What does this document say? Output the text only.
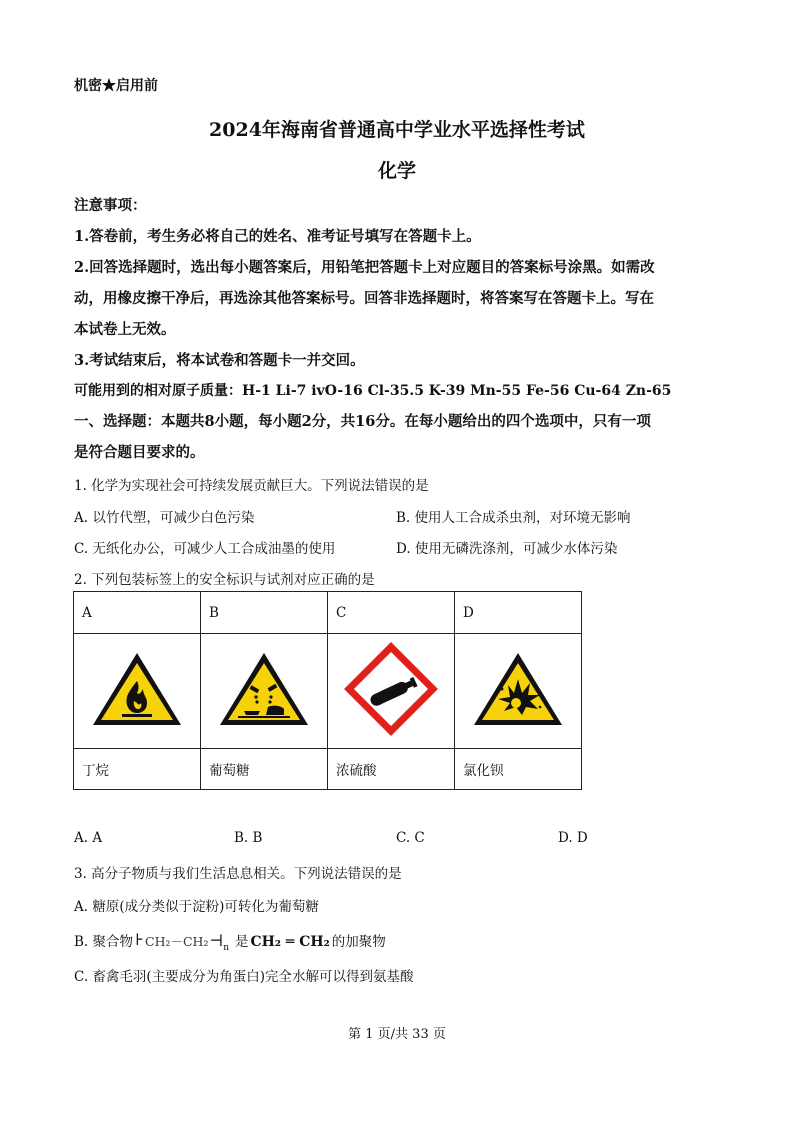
机密★启用前
2024年海南省普通高中学业水平选择性考试
化学
注意事项：
1.答卷前，考生务必将自己的姓名、准考证号填写在答题卡上。
2.回答选择题时，选出每小题答案后，用铅笔把答题卡上对应题目的答案标号涂黑。如需改
动，用橡皮擦干净后，再选涂其他答案标号。回答非选择题时，将答案写在答题卡上。写在
本试卷上无效。
3.考试结束后，将本试卷和答题卡一并交回。
可能用到的相对原子质量：H-1 Li-7 ivO-16 Cl-35.5 K-39 Mn-55 Fe-56 Cu-64 Zn-65
一、选择题：本题共8小题，每小题2分，共16分。在每小题给出的四个选项中，只有一项
是符合题目要求的。
1. 化学为实现社会可持续发展贡献巨大。下列说法错误的是
A. 以竹代塑，可减少白色污染	B. 使用人工合成杀虫剂，对环境无影响
C. 无纸化办公，可减少人工合成油墨的使用	D. 使用无磷洗涤剂，可减少水体污染
2. 下列包装标签上的安全标识与试剂对应正确的是
A	B	C	D

丁烷	葡萄糖	浓硫酸	氯化钡
A. A	B. B	C. C	D. D
3. 高分子物质与我们生活息息相关。下列说法错误的是
A. 糖原(成分类似于淀粉)可转化为葡萄糖
B. 聚合物 ⊦ $CH_2-CH_2⊣_n$ 是 CH₂ ═ CH₂ 的加聚物
C. 畜禽毛羽(主要成分为角蛋白)完全水解可以得到氨基酸
第 1 页/共 33 页
